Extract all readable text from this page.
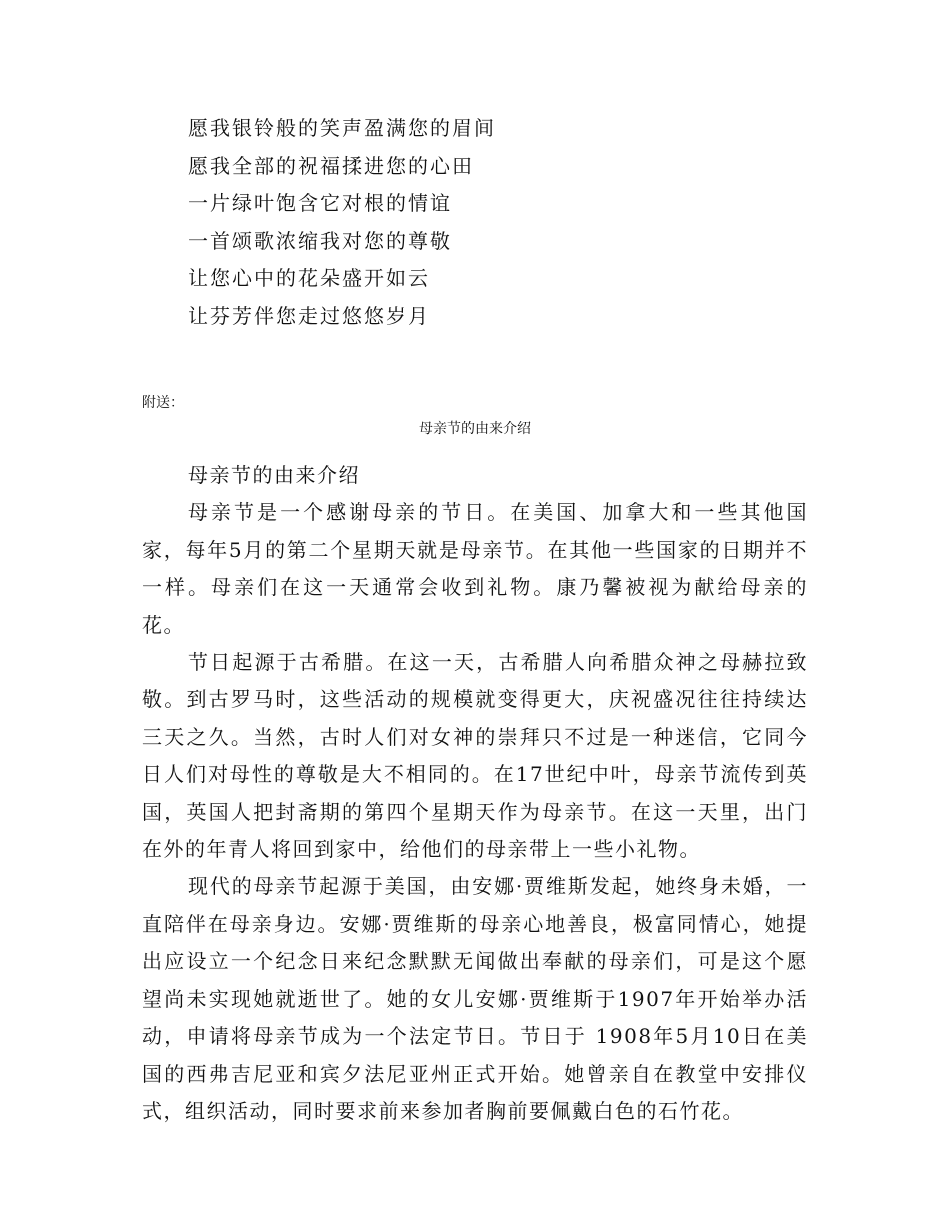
愿我银铃般的笑声盈满您的眉间
愿我全部的祝福揉进您的心田
一片绿叶饱含它对根的情谊
一首颂歌浓缩我对您的尊敬
让您心中的花朵盛开如云
让芬芳伴您走过悠悠岁月
附送：
母亲节的由来介绍

母亲节的由来介绍

母亲节是一个感谢母亲的节日。在美国、加拿大和一些其他国家，每年5月的第二个星期天就是母亲节。在其他一些国家的日期并不一样。母亲们在这一天通常会收到礼物。康乃馨被视为献给母亲的花。

节日起源于古希腊。在这一天，古希腊人向希腊众神之母赫拉致敬。到古罗马时，这些活动的规模就变得更大，庆祝盛况往往持续达三天之久。当然，古时人们对女神的崇拜只不过是一种迷信，它同今日人们对母性的尊敬是大不相同的。在17世纪中叶，母亲节流传到英国，英国人把封斋期的第四个星期天作为母亲节。在这一天里，出门在外的年青人将回到家中，给他们的母亲带上一些小礼物。

现代的母亲节起源于美国，由安娜·贾维斯发起，她终身未婚，一直陪伴在母亲身边。安娜·贾维斯的母亲心地善良，极富同情心，她提出应设立一个纪念日来纪念默默无闻做出奉献的母亲们，可是这个愿望尚未实现她就逝世了。她的女儿安娜·贾维斯于1907年开始举办活动，申请将母亲节成为一个法定节日。节日于 1908年5月10日在美国的西弗吉尼亚和宾夕法尼亚州正式开始。她曾亲自在教堂中安排仪式，组织活动，同时要求前来参加者胸前要佩戴白色的石竹花。
